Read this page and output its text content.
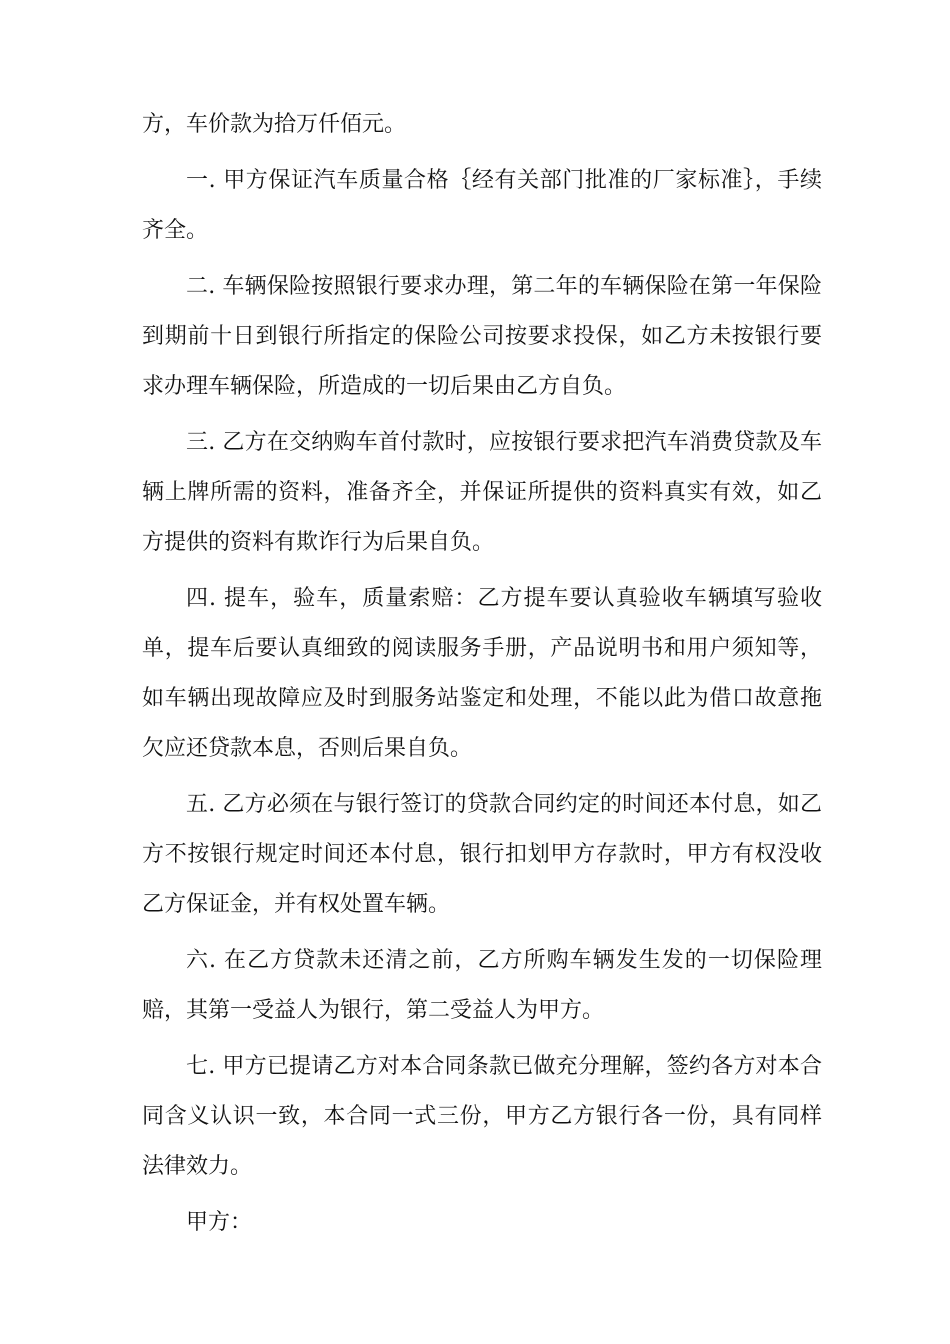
方，车价款为拾万仟佰元。

一. 甲方保证汽车质量合格｛经有关部门批准的厂家标准｝，手续齐全。

二. 车辆保险按照银行要求办理，第二年的车辆保险在第一年保险到期前十日到银行所指定的保险公司按要求投保，如乙方未按银行要求办理车辆保险，所造成的一切后果由乙方自负。

三. 乙方在交纳购车首付款时，应按银行要求把汽车消费贷款及车辆上牌所需的资料，准备齐全，并保证所提供的资料真实有效，如乙方提供的资料有欺诈行为后果自负。

四. 提车，验车，质量索赔：乙方提车要认真验收车辆填写验收单，提车后要认真细致的阅读服务手册，产品说明书和用户须知等，如车辆出现故障应及时到服务站鉴定和处理，不能以此为借口故意拖欠应还贷款本息，否则后果自负。

五. 乙方必须在与银行签订的贷款合同约定的时间还本付息，如乙方不按银行规定时间还本付息，银行扣划甲方存款时，甲方有权没收乙方保证金，并有权处置车辆。

六. 在乙方贷款未还清之前，乙方所购车辆发生发的一切保险理赔，其第一受益人为银行，第二受益人为甲方。

七. 甲方已提请乙方对本合同条款已做充分理解，签约各方对本合同含义认识一致，本合同一式三份，甲方乙方银行各一份，具有同样法律效力。

甲方：
